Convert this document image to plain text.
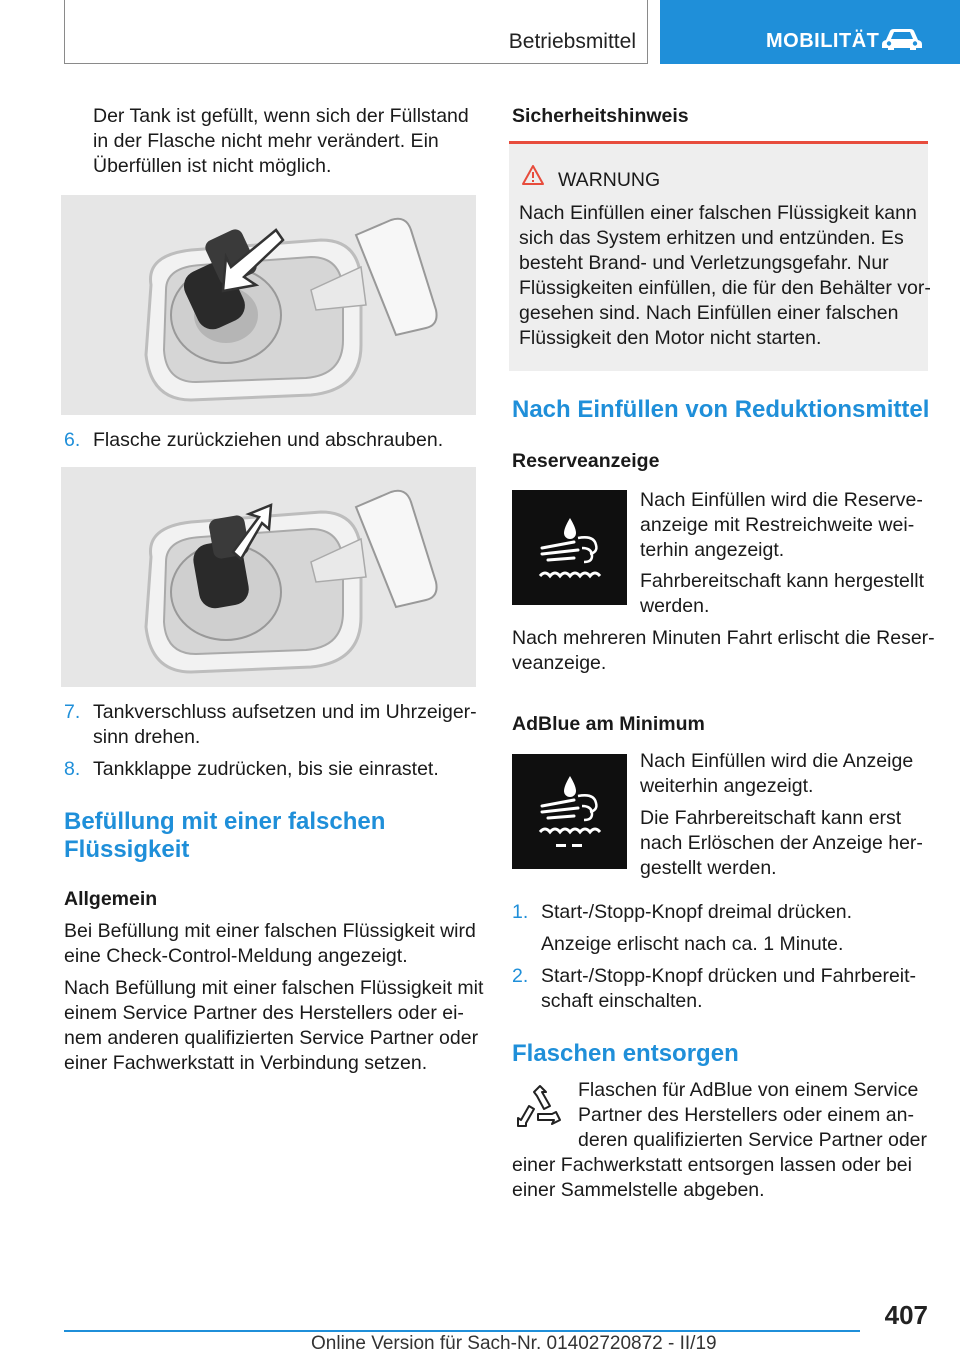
Betriebsmittel	MOBILITÄT
Der Tank ist gefüllt, wenn sich der Füllstand
in der Flasche nicht mehr verändert. Ein
Überfüllen ist nicht möglich.
6. Flasche zurückziehen und abschrauben.
7. Tankverschluss aufsetzen und im Uhrzeiger-
sinn drehen.
8. Tankklappe zudrücken, bis sie einrastet.
Befüllung mit einer falschen
Flüssigkeit
Allgemein
Bei Befüllung mit einer falschen Flüssigkeit wird
eine Check-Control-Meldung angezeigt.
Nach Befüllung mit einer falschen Flüssigkeit mit
einem Service Partner des Herstellers oder ei-
nem anderen qualifizierten Service Partner oder
einer Fachwerkstatt in Verbindung setzen.
Sicherheitshinweis
WARNUNG
Nach Einfüllen einer falschen Flüssigkeit kann
sich das System erhitzen und entzünden. Es
besteht Brand- und Verletzungsgefahr. Nur
Flüssigkeiten einfüllen, die für den Behälter vor-
gesehen sind. Nach Einfüllen einer falschen
Flüssigkeit den Motor nicht starten.
Nach Einfüllen von Reduktionsmittel
Reserveanzeige
Nach Einfüllen wird die Reserve-
anzeige mit Restreichweite wei-
terhin angezeigt.
Fahrbereitschaft kann hergestellt
werden.
Nach mehreren Minuten Fahrt erlischt die Reser-
veanzeige.
AdBlue am Minimum
Nach Einfüllen wird die Anzeige
weiterhin angezeigt.
Die Fahrbereitschaft kann erst
nach Erlöschen der Anzeige her-
gestellt werden.
1. Start-/Stopp-Knopf dreimal drücken.
Anzeige erlischt nach ca. 1 Minute.
2. Start-/Stopp-Knopf drücken und Fahrbereit-
schaft einschalten.
Flaschen entsorgen
Flaschen für AdBlue von einem Service
Partner des Herstellers oder einem an-
deren qualifizierten Service Partner oder
einer Fachwerkstatt entsorgen lassen oder bei
einer Sammelstelle abgeben.
407
Online Version für Sach-Nr. 01402720872 - II/19
